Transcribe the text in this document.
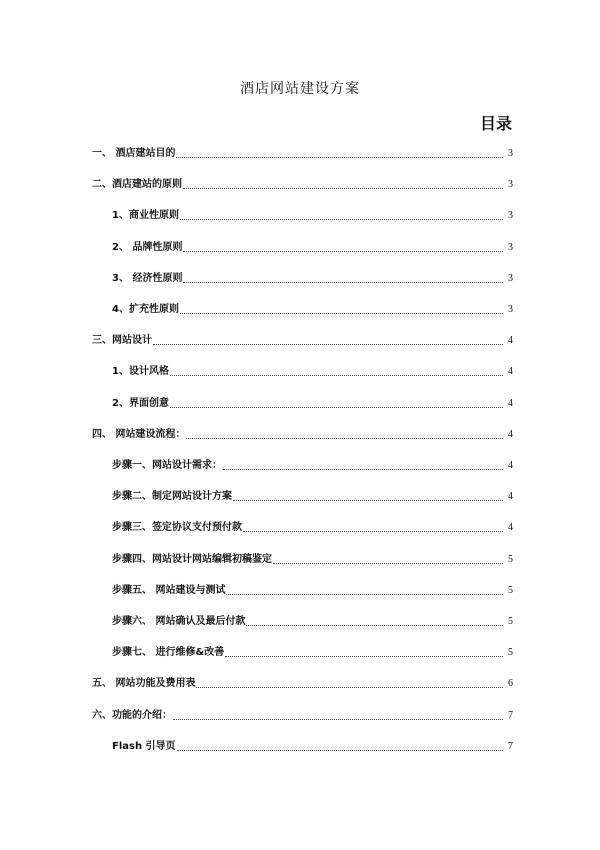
酒店网站建设方案
目录
一、 酒店建站目的	3
二、酒店建站的原则	3
1、商业性原则	3
2、 品牌性原则	3
3、 经济性原则	3
4、扩充性原则	3
三、网站设计	4
1、设计风格	4
2、界面创意	4
四、 网站建设流程：	4
步骤一、网站设计需求：	4
步骤二、制定网站设计方案	4
步骤三、签定协议支付预付款	4
步骤四、网站设计网站编辑初稿鉴定	5
步骤五、 网站建设与测试	5
步骤六、 网站确认及最后付款	5
步骤七、 进行维修&改善	5
五、 网站功能及费用表	6
六、功能的介绍：	7
Flash 引导页	7
